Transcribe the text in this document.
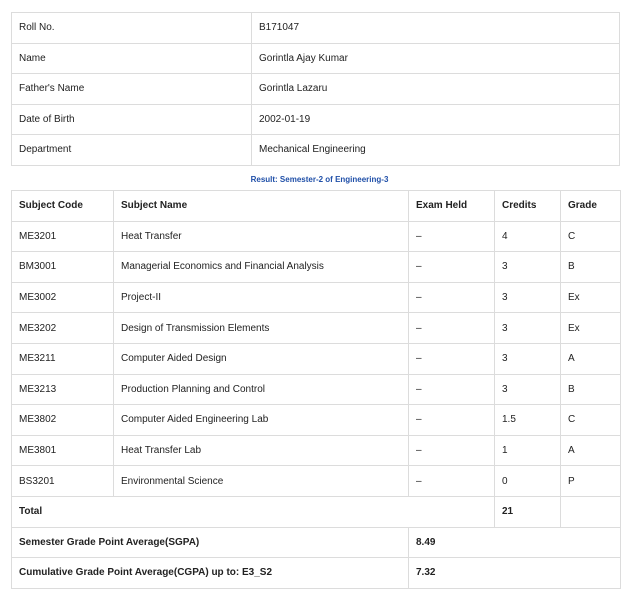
Roll No.	B171047
Name	Gorintla Ajay Kumar
Father's Name	Gorintla Lazaru
Date of Birth	2002-01-19
Department	Mechanical Engineering
Result: Semester-2 of Engineering-3
Subject Code	Subject Name	Exam Held	Credits	Grade
ME3201	Heat Transfer	–	4	C
BM3001	Managerial Economics and Financial Analysis	–	3	B
ME3002	Project-II	–	3	Ex
ME3202	Design of Transmission Elements	–	3	Ex
ME3211	Computer Aided Design	–	3	A
ME3213	Production Planning and Control	–	3	B
ME3802	Computer Aided Engineering Lab	–	1.5	C
ME3801	Heat Transfer Lab	–	1	A
BS3201	Environmental Science	–	0	P
Total			21	
Semester Grade Point Average(SGPA)		8.49		
Cumulative Grade Point Average(CGPA) up to: E3_S2		7.32		
